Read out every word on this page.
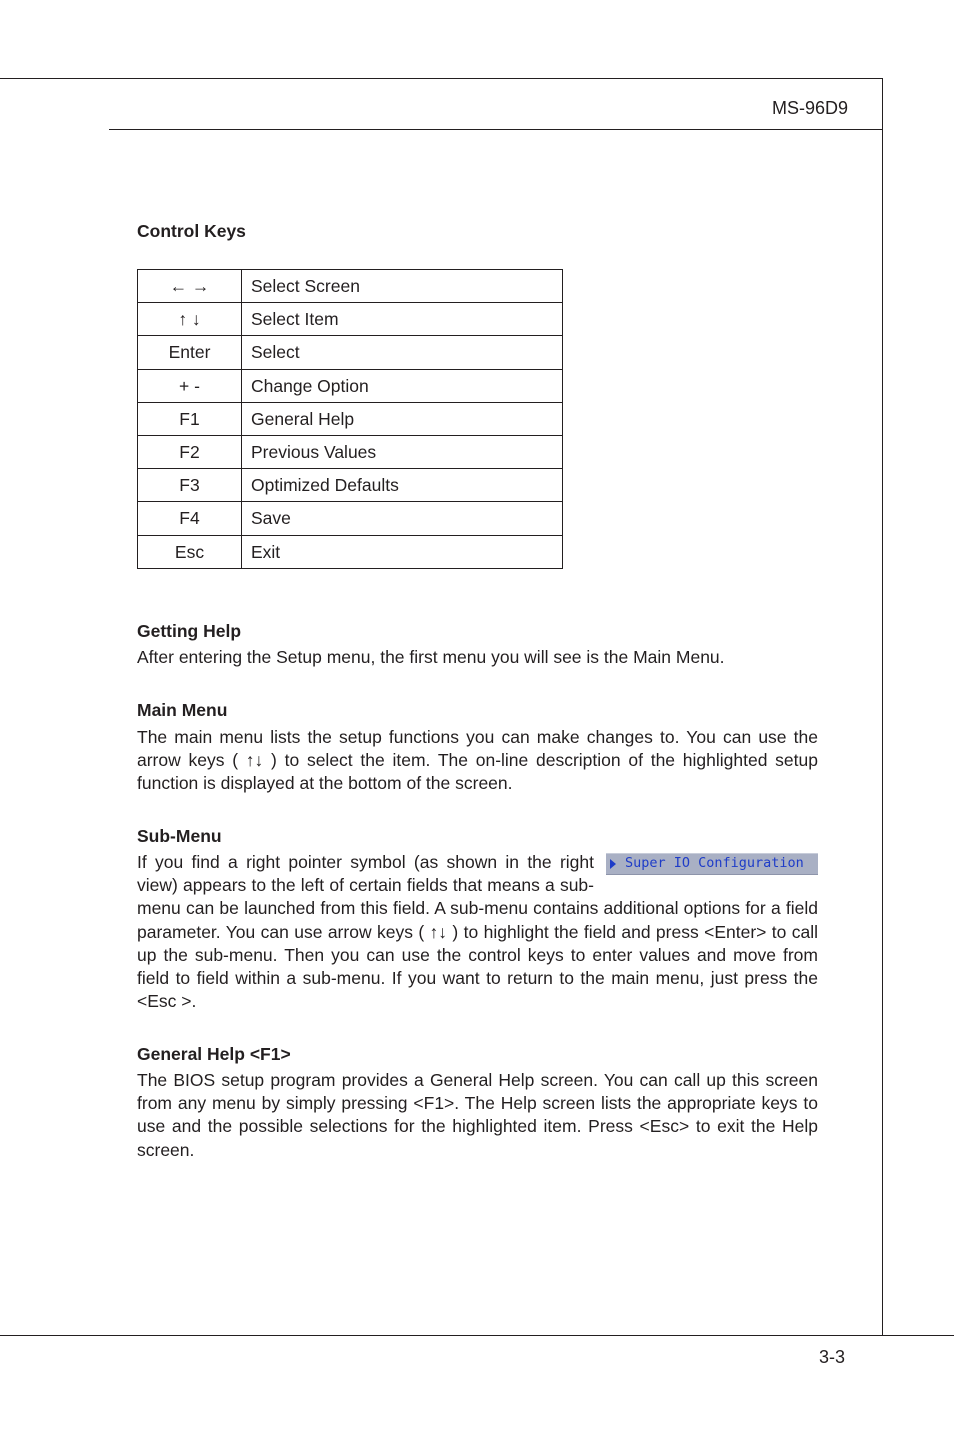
MS-96D9
Control Keys
← →	Select Screen
↑ ↓	Select Item
Enter	Select
+ -	Change Option
F1	General Help
F2	Previous Values
F3	Optimized Defaults
F4	Save
Esc	Exit
Getting Help
After entering the Setup menu, the first menu you will see is the Main Menu.
Main Menu
The main menu lists the setup functions you can make changes to. You can use the arrow keys ( ↑↓ ) to select the item. The on-line description of the highlighted setup function is displayed at the bottom of the screen.
Sub-Menu
Super IO Configuration
If you find a right pointer symbol (as shown in the right view) appears to the left of certain fields that means a sub-menu can be launched from this field. A sub-menu contains additional options for a field parameter. You can use arrow keys ( ↑↓ ) to highlight the field and press <Enter> to call up the sub-menu. Then you can use the control keys to enter values and move from field to field within a sub-menu. If you want to return to the main menu, just press the <Esc >.
General Help <F1>
The BIOS setup program provides a General Help screen. You can call up this screen from any menu by simply pressing <F1>. The Help screen lists the appropriate keys to use and the possible selections for the highlighted item. Press <Esc> to exit the Help screen.
3-3
